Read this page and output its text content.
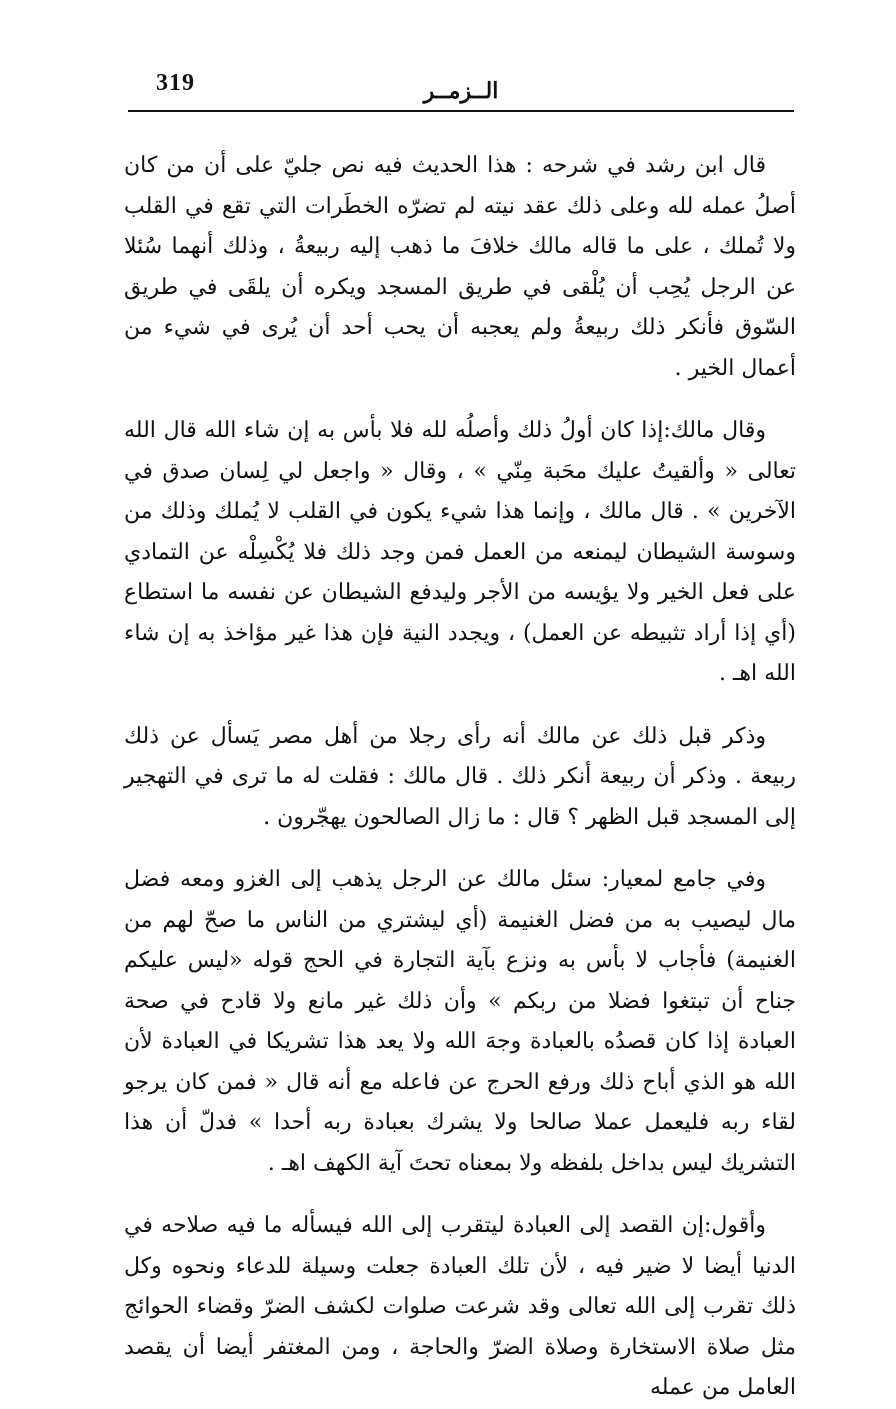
319	الــزمــر

قال ابن رشد في شرحه : هذا الحديث فيه نص جليّ على أن من كان أصلُ عمله لله وعلى ذلك عقد نيته لم تضرّه الخطَرات التي تقع في القلب ولا تُملك ، على ما قاله مالك خلافَ ما ذهب إليه ربيعةُ ، وذلك أنهما سُئلا عن الرجل يُحِب أن يُلْقى في طريق المسجد ويكره أن يلقَى في طريق السّوق فأنكر ذلك ربيعةُ ولم يعجبه أن يحب أحد أن يُرى في شيء من أعمال الخير .

وقال مالك:إذا كان أولُ ذلك وأصلُه لله فلا بأس به إن شاء الله قال الله تعالى « وألقيتُ عليك محَبة مِنّي » ، وقال « واجعل لي لِسان صدق في الآخرين » . قال مالك ، وإنما هذا شيء يكون في القلب لا يُملك وذلك من وسوسة الشيطان ليمنعه من العمل فمن وجد ذلك فلا يُكْسِلْه عن التمادي على فعل الخير ولا يؤيسه من الأجر وليدفع الشيطان عن نفسه ما استطاع (أي إذا أراد تثبيطه عن العمل) ، ويجدد النية فإن هذا غير مؤاخذ به إن شاء الله اهـ .

وذكر قبل ذلك عن مالك أنه رأى رجلا من أهل مصر يَسأل عن ذلك ربيعة . وذكر أن ربيعة أنكر ذلك . قال مالك : فقلت له ما ترى في التهجير إلى المسجد قبل الظهر ؟ قال : ما زال الصالحون يهجّرون .

وفي جامع لمعيار: سئل مالك عن الرجل يذهب إلى الغزو ومعه فضل مال ليصيب به من فضل الغنيمة (أي ليشتري من الناس ما صحّ لهم من الغنيمة) فأجاب لا بأس به ونزع بآية التجارة في الحج قوله «ليس عليكم جناح أن تبتغوا فضلا من ربكم » وأن ذلك غير مانع ولا قادح في صحة العبادة إذا كان قصدُه بالعبادة وجهَ الله ولا يعد هذا تشريكا في العبادة لأن الله هو الذي أباح ذلك ورفع الحرج عن فاعله مع أنه قال « فمن كان يرجو لقاء ربه فليعمل عملا صالحا ولا يشرك بعبادة ربه أحدا » فدلّ أن هذا التشريك ليس بداخل بلفظه ولا بمعناه تحتَ آية الكهف اهـ .

وأقول:إن القصد إلى العبادة ليتقرب إلى الله فيسأله ما فيه صلاحه في الدنيا أيضا لا ضير فيه ، لأن تلك العبادة جعلت وسيلة للدعاء ونحوه وكل ذلك تقرب إلى الله تعالى وقد شرعت صلوات لكشف الضرّ وقضاء الحوائج مثل صلاة الاستخارة وصلاة الضرّ والحاجة ، ومن المغتفر أيضا أن يقصد العامل من عمله
